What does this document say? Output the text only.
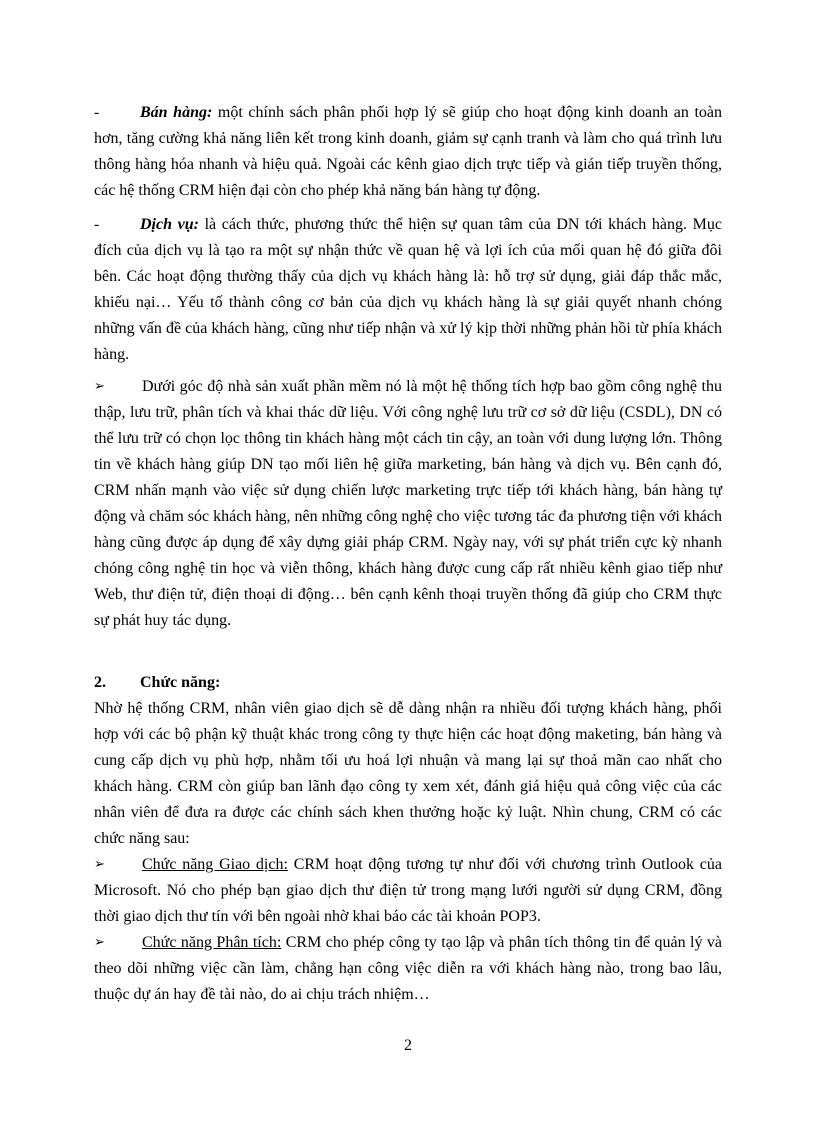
-	Bán hàng: một chính sách phân phối hợp lý sẽ giúp cho hoạt động kinh doanh an toàn hơn, tăng cường khả năng liên kết trong kinh doanh, giảm sự cạnh tranh và làm cho quá trình lưu thông hàng hóa nhanh và hiệu quả. Ngoài các kênh giao dịch trực tiếp và gián tiếp truyền thống, các hệ thống CRM hiện đại còn cho phép khả năng bán hàng tự động.

-	Dịch vụ: là cách thức, phương thức thể hiện sự quan tâm của DN tới khách hàng. Mục đích của dịch vụ là tạo ra một sự nhận thức về quan hệ và lợi ích của mối quan hệ đó giữa đôi bên. Các hoạt động thường thấy của dịch vụ khách hàng là: hỗ trợ sử dụng, giải đáp thắc mắc, khiếu nại… Yếu tố thành công cơ bản của dịch vụ khách hàng là sự giải quyết nhanh chóng những vấn đề của khách hàng, cũng như tiếp nhận và xử lý kịp thời những phản hồi từ phía khách hàng.

➢ Dưới góc độ nhà sản xuất phần mềm nó là một hệ thống tích hợp bao gồm công nghệ thu thập, lưu trữ, phân tích và khai thác dữ liệu. Với công nghệ lưu trữ cơ sở dữ liệu (CSDL), DN có thể lưu trữ có chọn lọc thông tin khách hàng một cách tin cậy, an toàn với dung lượng lớn. Thông tin về khách hàng giúp DN tạo mối liên hệ giữa marketing, bán hàng và dịch vụ. Bên cạnh đó, CRM nhấn mạnh vào việc sử dụng chiến lược marketing trực tiếp tới khách hàng, bán hàng tự động và chăm sóc khách hàng, nên những công nghệ cho việc tương tác đa phương tiện với khách hàng cũng được áp dụng để xây dựng giải pháp CRM. Ngày nay, với sự phát triển cực kỳ nhanh chóng công nghệ tin học và viễn thông, khách hàng được cung cấp rất nhiều kênh giao tiếp như Web, thư điện tử, điện thoại di động… bên cạnh kênh thoại truyền thống đã giúp cho CRM thực sự phát huy tác dụng.

2. Chức năng:

Nhờ hệ thống CRM, nhân viên giao dịch sẽ dễ dàng nhận ra nhiều đối tượng khách hàng, phối hợp với các bộ phận kỹ thuật khác trong công ty thực hiện các hoạt động maketing, bán hàng và cung cấp dịch vụ phù hợp, nhằm tối ưu hoá lợi nhuận và mang lại sự thoả mãn cao nhất cho khách hàng. CRM còn giúp ban lãnh đạo công ty xem xét, đánh giá hiệu quả công việc của các nhân viên để đưa ra được các chính sách khen thưởng hoặc kỷ luật. Nhìn chung, CRM có các chức năng sau:

➢ Chức năng Giao dịch: CRM hoạt động tương tự như đối với chương trình Outlook của Microsoft. Nó cho phép bạn giao dịch thư điện tử trong mạng lưới người sử dụng CRM, đồng thời giao dịch thư tín với bên ngoài nhờ khai báo các tài khoản POP3.

➢ Chức năng Phân tích: CRM cho phép công ty tạo lập và phân tích thông tin để quản lý và theo dõi những việc cần làm, chẳng hạn công việc diễn ra với khách hàng nào, trong bao lâu, thuộc dự án hay đề tài nào, do ai chịu trách nhiệm…

2
